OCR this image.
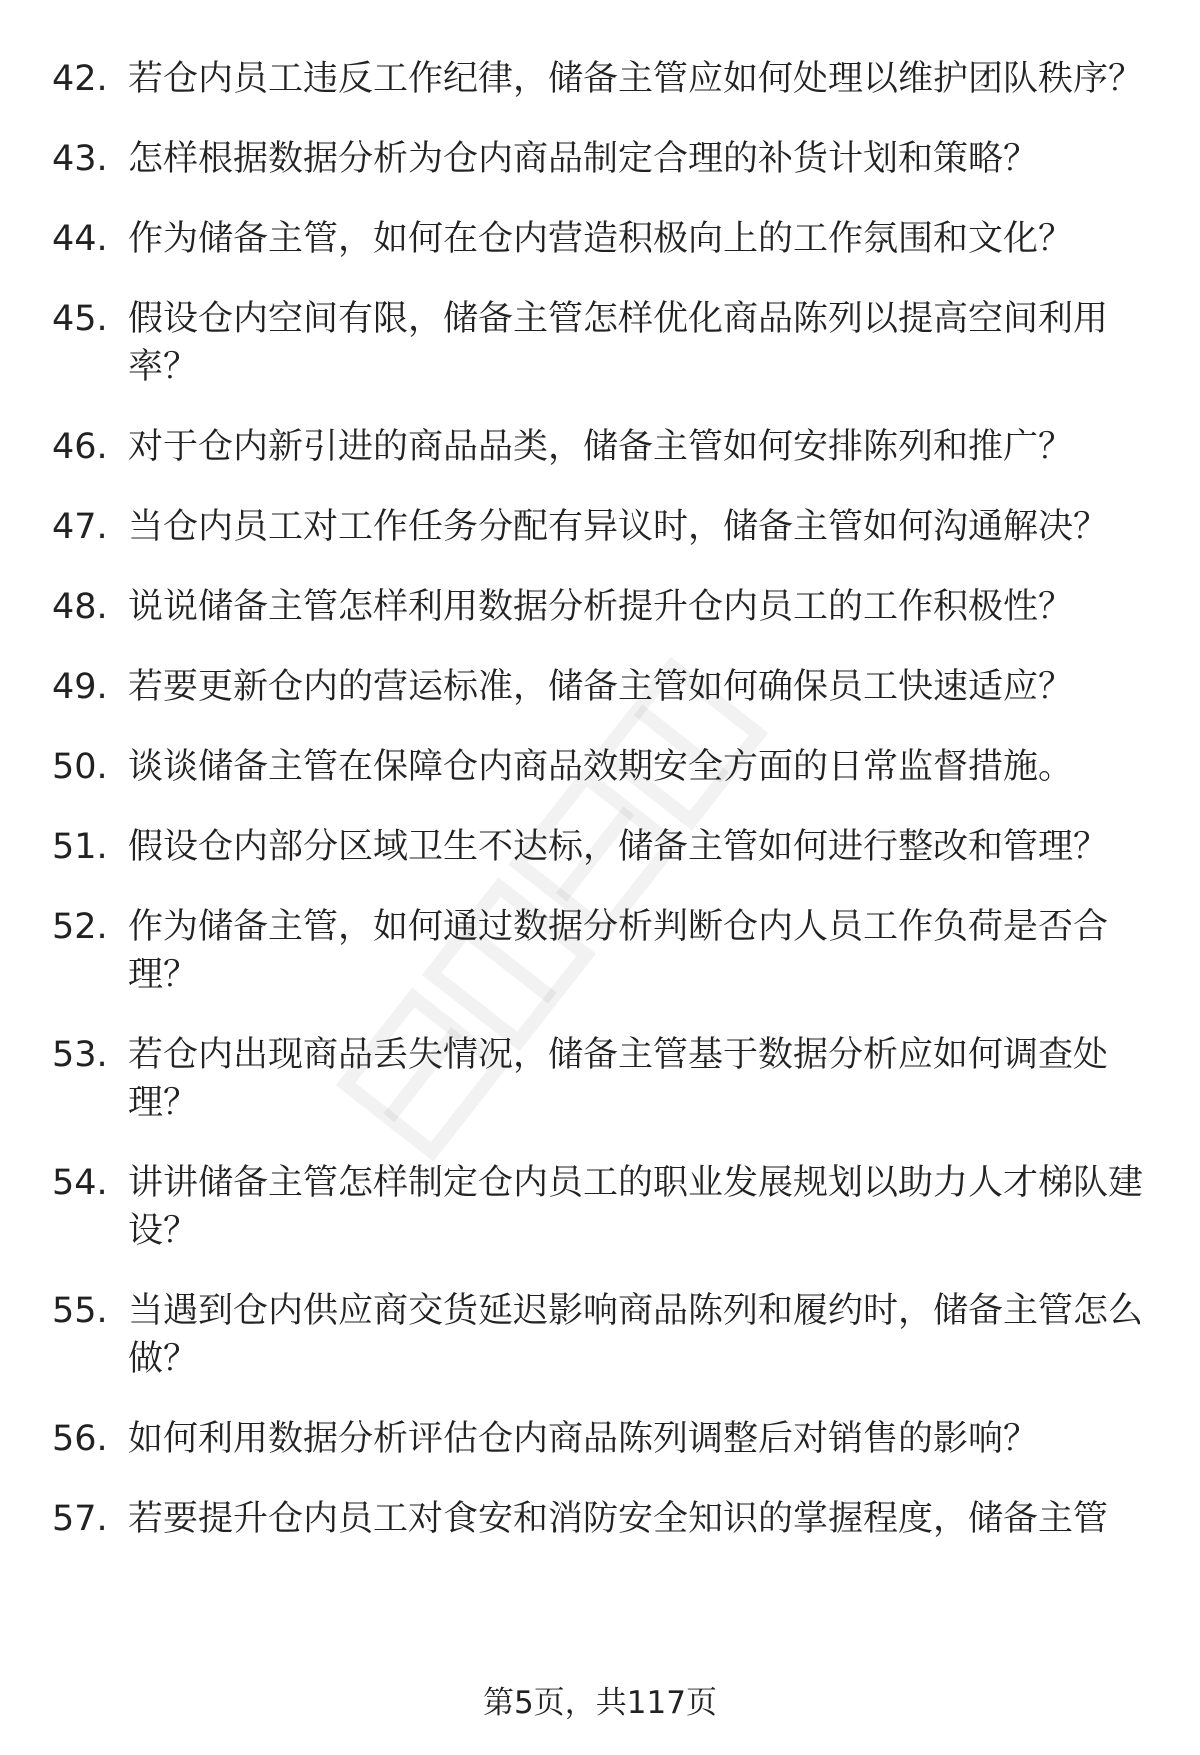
42. 若仓内员工违反工作纪律，储备主管应如何处理以维护团队秩序？
43. 怎样根据数据分析为仓内商品制定合理的补货计划和策略？
44. 作为储备主管，如何在仓内营造积极向上的工作氛围和文化？
45. 假设仓内空间有限，储备主管怎样优化商品陈列以提高空间利用率？
46. 对于仓内新引进的商品品类，储备主管如何安排陈列和推广？
47. 当仓内员工对工作任务分配有异议时，储备主管如何沟通解决？
48. 说说储备主管怎样利用数据分析提升仓内员工的工作积极性？
49. 若要更新仓内的营运标准，储备主管如何确保员工快速适应？
50. 谈谈储备主管在保障仓内商品效期安全方面的日常监督措施。
51. 假设仓内部分区域卫生不达标，储备主管如何进行整改和管理？
52. 作为储备主管，如何通过数据分析判断仓内人员工作负荷是否合理？
53. 若仓内出现商品丢失情况，储备主管基于数据分析应如何调查处理？
54. 讲讲储备主管怎样制定仓内员工的职业发展规划以助力人才梯队建设？
55. 当遇到仓内供应商交货延迟影响商品陈列和履约时，储备主管怎么做？
56. 如何利用数据分析评估仓内商品陈列调整后对销售的影响？
57. 若要提升仓内员工对食安和消防安全知识的掌握程度，储备主管
第5页，共117页
